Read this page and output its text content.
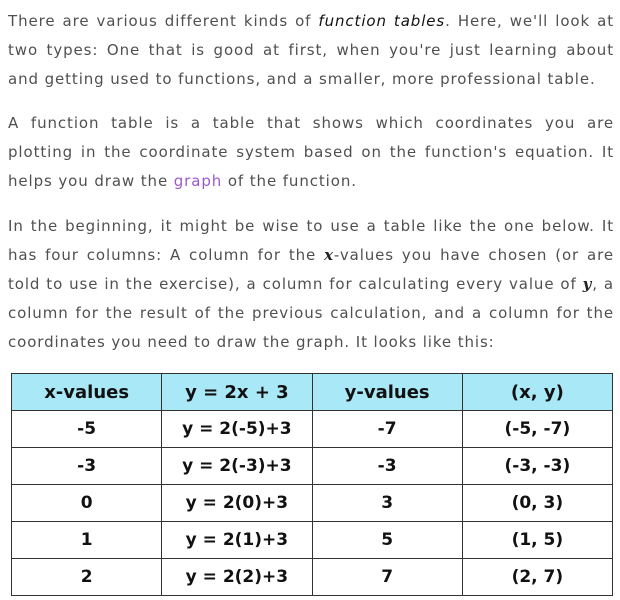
There are various different kinds of function tables. Here, we'll look at two types: One that is good at first, when you're just learning about and getting used to functions, and a smaller, more professional table.

A function table is a table that shows which coordinates you are plotting in the coordinate system based on the function's equation. It helps you draw the graph of the function.

In the beginning, it might be wise to use a table like the one below. It has four columns: A column for the x-values you have chosen (or are told to use in the exercise), a column for calculating every value of y, a column for the result of the previous calculation, and a column for the coordinates you need to draw the graph. It looks like this:

x-values	y = 2x + 3	y-values	(x, y)
-5	y = 2(-5)+3	-7	(-5, -7)
-3	y = 2(-3)+3	-3	(-3, -3)
0	y = 2(0)+3	3	(0, 3)
1	y = 2(1)+3	5	(1, 5)
2	y = 2(2)+3	7	(2, 7)
